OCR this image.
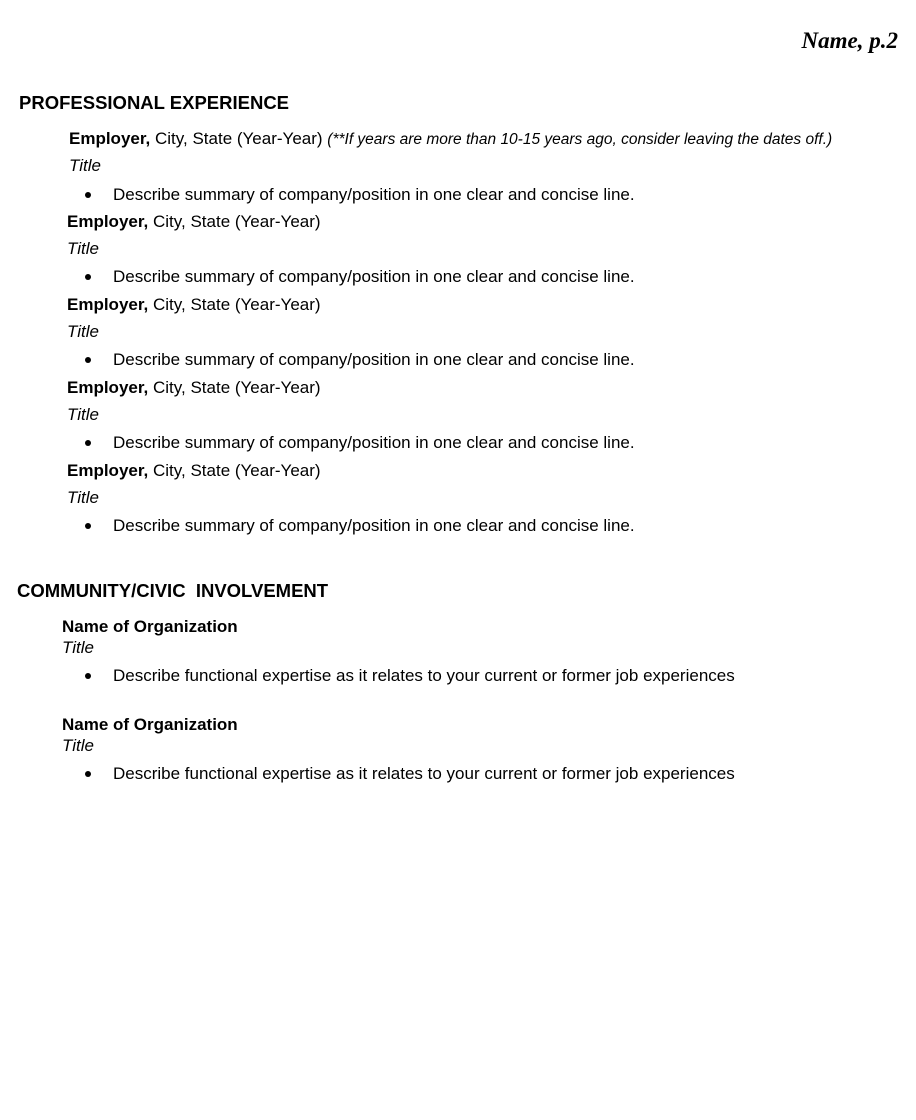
Name, p.2
PROFESSIONAL EXPERIENCE
Employer, City, State (Year-Year) (**If years are more than 10-15 years ago, consider leaving the dates off.)
Title
Describe summary of company/position in one clear and concise line.
Employer, City, State (Year-Year)
Title
Describe summary of company/position in one clear and concise line.
Employer, City, State (Year-Year)
Title
Describe summary of company/position in one clear and concise line.
Employer, City, State (Year-Year)
Title
Describe summary of company/position in one clear and concise line.
Employer, City, State (Year-Year)
Title
Describe summary of company/position in one clear and concise line.
COMMUNITY/CIVIC  INVOLVEMENT
Name of Organization
Title
Describe functional expertise as it relates to your current or former job experiences
Name of Organization
Title
Describe functional expertise as it relates to your current or former job experiences
